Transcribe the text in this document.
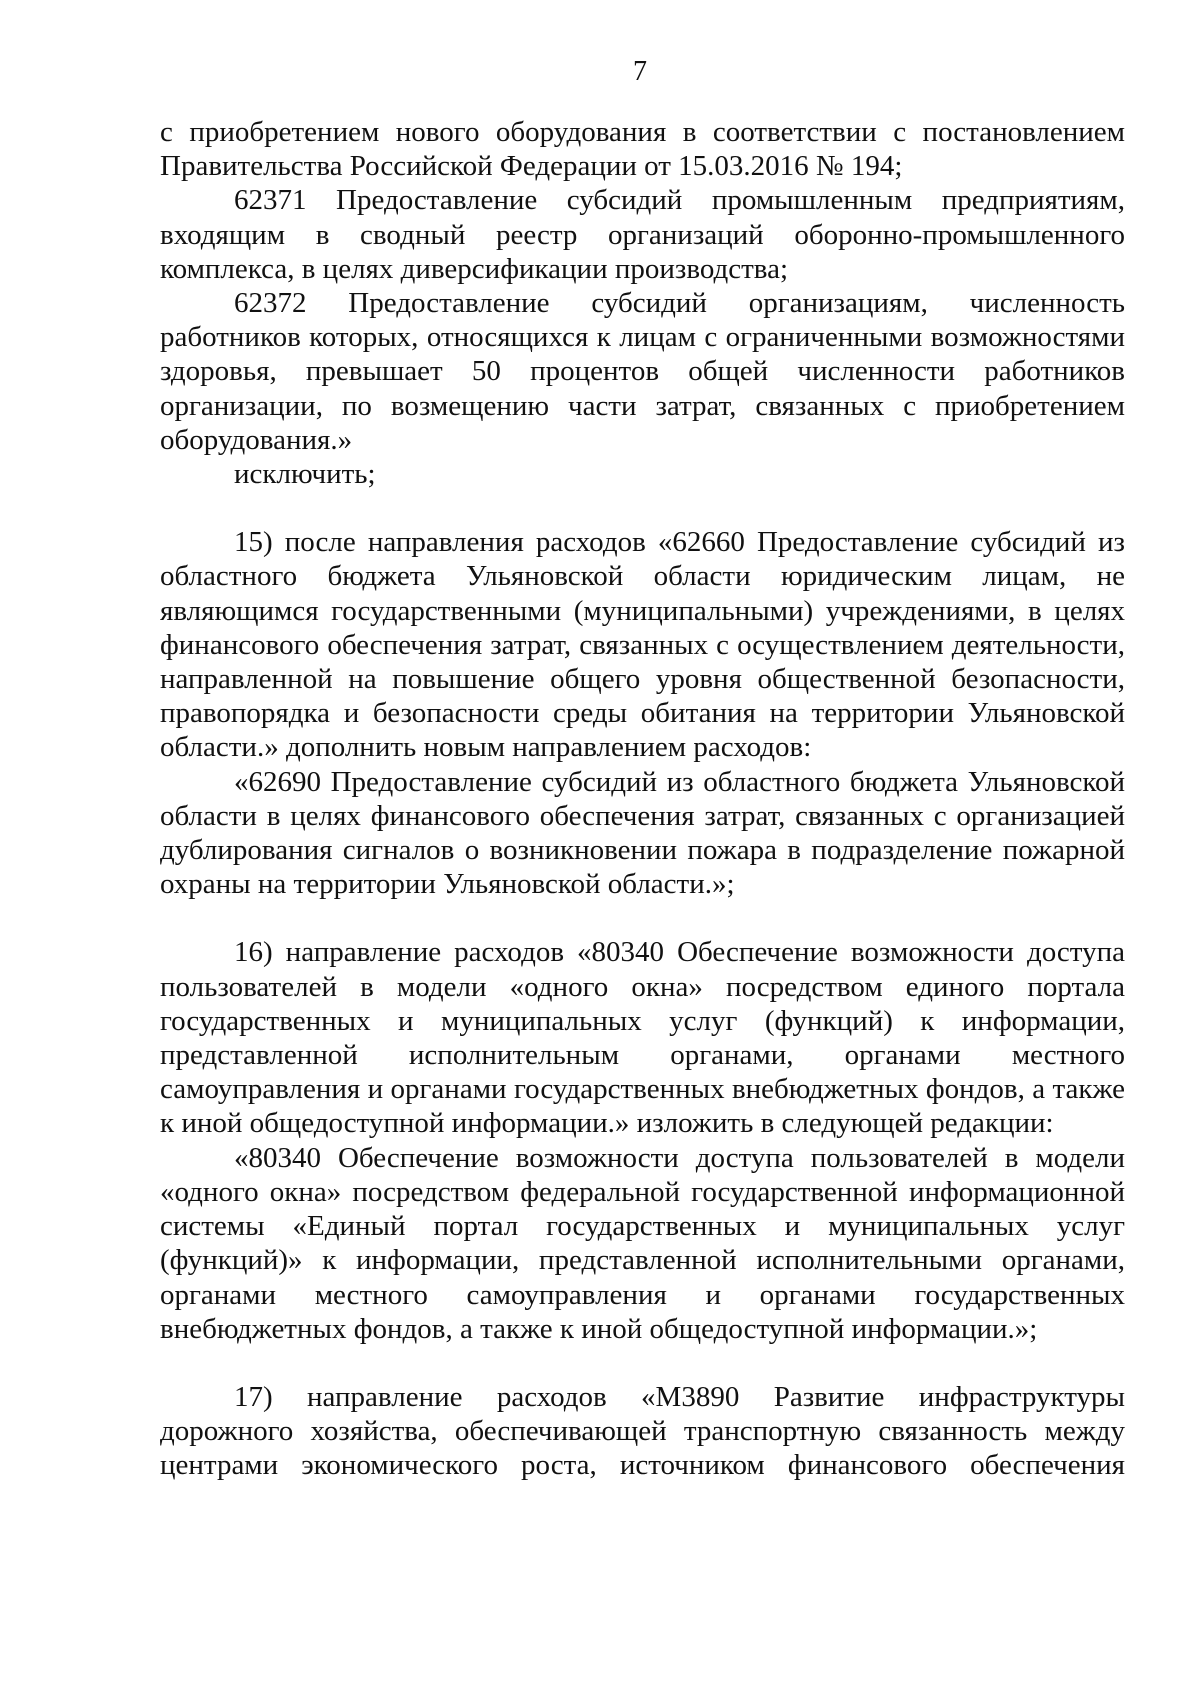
7

с приобретением нового оборудования в соответствии с постановлением Правительства Российской Федерации от 15.03.2016 № 194;

62371 Предоставление субсидий промышленным предприятиям, входящим в сводный реестр организаций оборонно-промышленного комплекса, в целях диверсификации производства;

62372 Предоставление субсидий организациям, численность работников которых, относящихся к лицам с ограниченными возможностями здоровья, превышает 50 процентов общей численности работников организации, по возмещению части затрат, связанных с приобретением оборудования.»

исключить;

15) после направления расходов «62660 Предоставление субсидий из областного бюджета Ульяновской области юридическим лицам, не являющимся государственными (муниципальными) учреждениями, в целях финансового обеспечения затрат, связанных с осуществлением деятельности, направленной на повышение общего уровня общественной безопасности, правопорядка и безопасности среды обитания на территории Ульяновской области.» дополнить новым направлением расходов:

«62690 Предоставление субсидий из областного бюджета Ульяновской области в целях финансового обеспечения затрат, связанных с организацией дублирования сигналов о возникновении пожара в подразделение пожарной охраны на территории Ульяновской области.»;

16) направление расходов «80340 Обеспечение возможности доступа пользователей в модели «одного окна» посредством единого портала государственных и муниципальных услуг (функций) к информации, представленной исполнительным органами, органами местного самоуправления и органами государственных внебюджетных фондов, а также к иной общедоступной информации.» изложить в следующей редакции:

«80340 Обеспечение возможности доступа пользователей в модели «одного окна» посредством федеральной государственной информационной системы «Единый портал государственных и муниципальных услуг (функций)» к информации, представленной исполнительными органами, органами местного самоуправления и органами государственных внебюджетных фондов, а также к иной общедоступной информации.»;

17) направление расходов «М3890 Развитие инфраструктуры дорожного хозяйства, обеспечивающей транспортную связанность между центрами экономического роста, источником финансового обеспечения
